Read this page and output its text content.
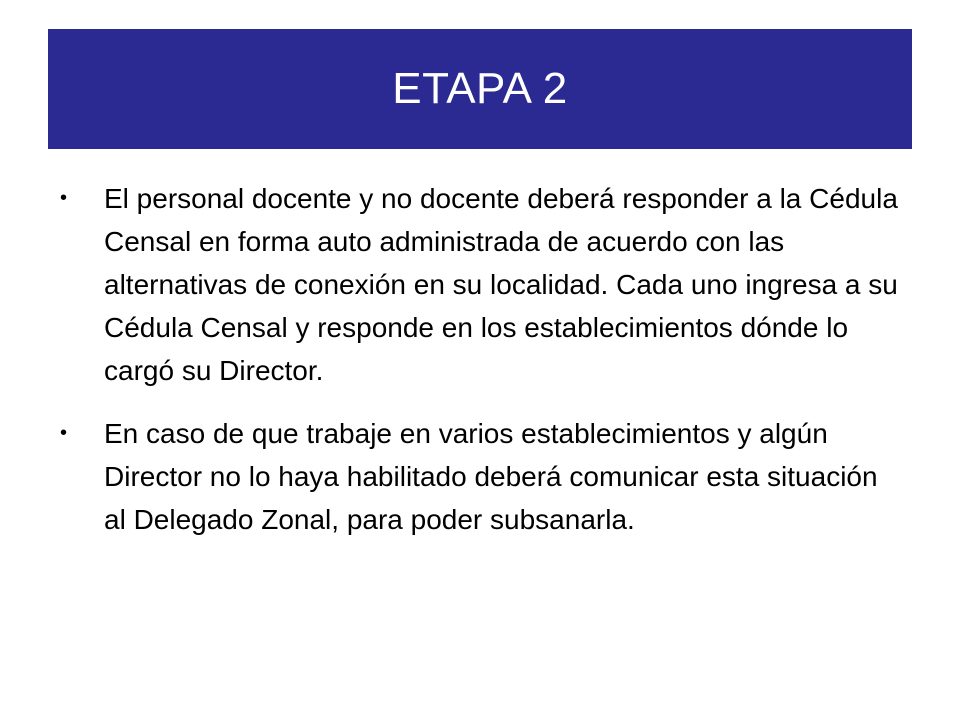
ETAPA 2
•	El personal docente y no docente deberá responder a la Cédula Censal en forma auto administrada de acuerdo con las alternativas de conexión en su localidad. Cada uno ingresa a su Cédula Censal y responde en los establecimientos dónde lo cargó su Director.
•	En caso de que trabaje en varios establecimientos y algún Director no lo haya habilitado deberá comunicar esta situación al Delegado Zonal, para poder subsanarla.
